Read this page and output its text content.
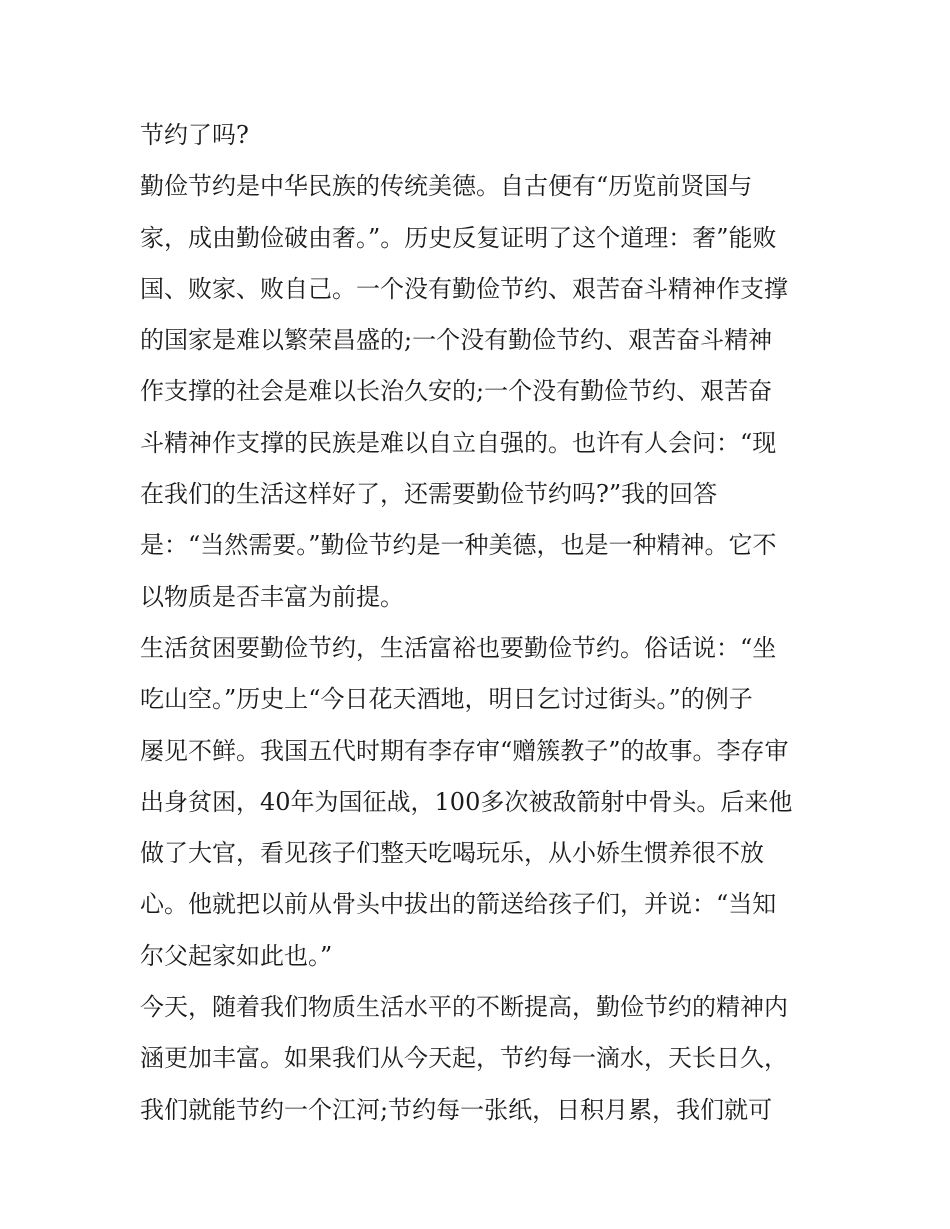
节约了吗?
勤俭节约是中华民族的传统美德。自古便有“历览前贤国与
家，成由勤俭破由奢。”。历史反复证明了这个道理：奢”能败
国、败家、败自己。一个没有勤俭节约、艰苦奋斗精神作支撑
的国家是难以繁荣昌盛的;一个没有勤俭节约、艰苦奋斗精神
作支撑的社会是难以长治久安的;一个没有勤俭节约、艰苦奋
斗精神作支撑的民族是难以自立自强的。也许有人会问：“现
在我们的生活这样好了，还需要勤俭节约吗?”我的回答
是：“当然需要。”勤俭节约是一种美德，也是一种精神。它不
以物质是否丰富为前提。
生活贫困要勤俭节约，生活富裕也要勤俭节约。俗话说：“坐
吃山空。”历史上“今日花天酒地，明日乞讨过街头。”的例子
屡见不鲜。我国五代时期有李存审“赠簇教子”的故事。李存审
出身贫困，40年为国征战，100多次被敌箭射中骨头。后来他
做了大官，看见孩子们整天吃喝玩乐，从小娇生惯养很不放
心。他就把以前从骨头中拔出的箭送给孩子们，并说：“当知
尔父起家如此也。”
今天，随着我们物质生活水平的不断提高，勤俭节约的精神内
涵更加丰富。如果我们从今天起，节约每一滴水，天长日久，
我们就能节约一个江河;节约每一张纸，日积月累，我们就可
